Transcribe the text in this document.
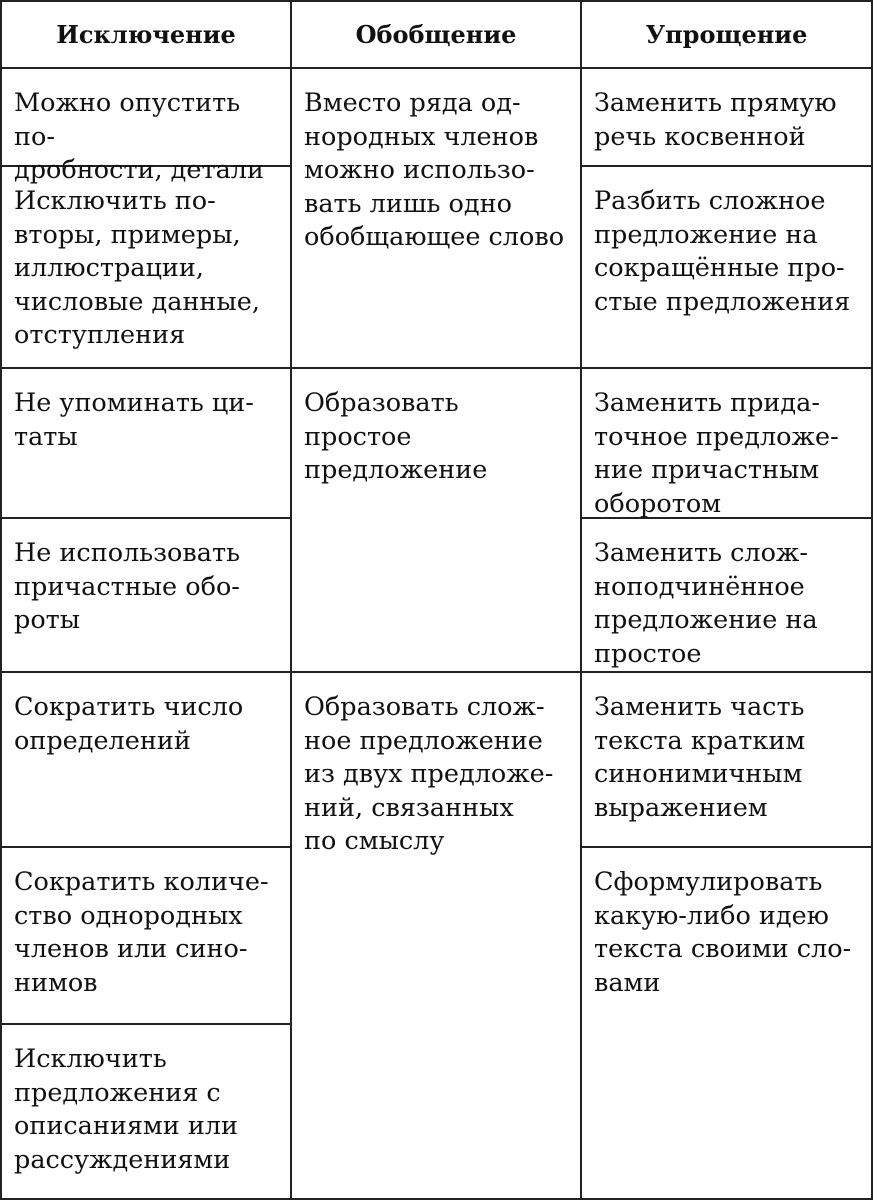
Исключение	Обобщение	Упрощение
Можно опустить по-
дробности, детали
Исключить по-
вторы, примеры,
иллюстрации,
числовые данные,
отступления
Не упоминать ци-
таты
Не использовать
причастные обо-
роты
Сократить число
определений
Сократить количе-
ство однородных
членов или сино-
нимов
Исключить
предложения с
описаниями или
рассуждениями
Вместо ряда од-
нородных членов
можно использо-
вать лишь одно
обобщающее слово
Образовать простое
предложение
Образовать слож-
ное предложение
из двух предложе-
ний, связанных
по смыслу
Заменить прямую
речь косвенной
Разбить сложное
предложение на
сокращённые про-
стые предложения
Заменить прида-
точное предложе-
ние причастным
оборотом
Заменить слож-
ноподчинённое
предложение на
простое
Заменить часть
текста кратким
синонимичным
выражением
Сформулировать
какую-либо идею
текста своими сло-
вами
